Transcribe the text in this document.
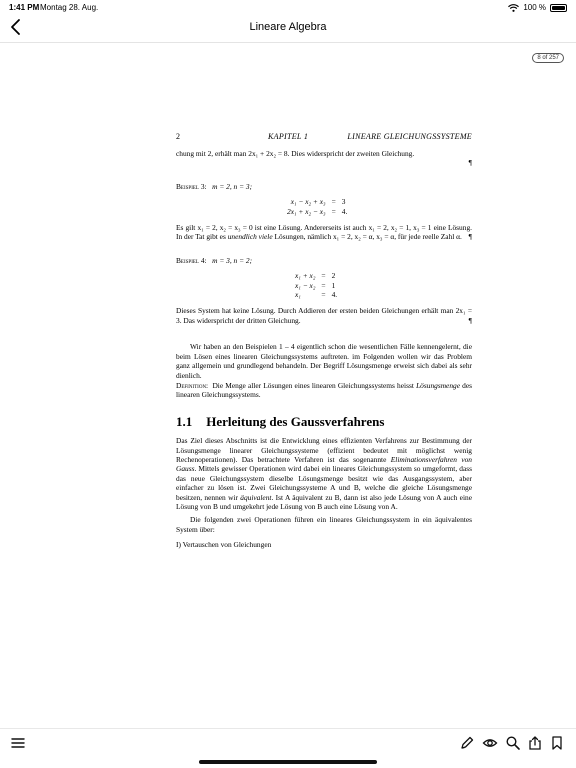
1:41 PM Montag 28. Aug.	100 %
Lineare Algebra
8 of 257
2	KAPITEL 1	LINEARE GLEICHUNGSSYSTEME

chung mit 2, erhält man 2x₁ + 2x₂ = 8. Dies widerspricht der zweiten Gleichung.

¶

Beispiel 3: m = 2, n = 3;

x₁ − x₂ + x₃	=	3
2x₁ + x₂ − x₃	=	4.

Es gilt x₁ = 2, x₂ = x₃ = 0 ist eine Lösung. Andererseits ist auch x₁ = 2, x₂ = 1, x₃ = 1 eine Lösung. In der Tat gibt es unendlich viele Lösungen, nämlich x₁ = 2, x₂ = α, x₃ = α, für jede reelle Zahl α. ¶

Beispiel 4: m = 3, n = 2;

x₁ + x₂	=	2
x₁ − x₂	=	1
x₁	=	4.

Dieses System hat keine Lösung. Durch Addieren der ersten beiden Gleichungen erhält man 2x₁ = 3. Das widerspricht der dritten Gleichung.	¶

Wir haben an den Beispielen 1 – 4 eigentlich schon die wesentlichen Fälle kennengelernt, die beim Lösen eines linearen Gleichungssystems auftreten. im Folgenden wollen wir das Problem ganz allgemein und grundlegend behandeln. Der Begriff Lösungsmenge erweist sich dabei als sehr dienlich.

Definition: Die Menge aller Lösungen eines linearen Gleichungssystems heisst Lösungsmenge des linearen Gleichungssystems.

1.1 Herleitung des Gaussverfahrens

Das Ziel dieses Abschnitts ist die Entwicklung eines effizienten Verfahrens zur Bestimmung der Lösungsmenge linearer Gleichungssysteme (effizient bedeutet mit möglichst wenig Rechenoperationen). Das betrachtete Verfahren ist das sogenannte Eliminationsverfahren von Gauss. Mittels gewisser Operationen wird dabei ein lineares Gleichungssystem so umgeformt, dass das neue Gleichungssystem dieselbe Lösungsmenge besitzt wie das Ausgangssystem, aber einfacher zu lösen ist. Zwei Gleichungssysteme A und B, welche die gleiche Lösungsmenge besitzen, nennen wir äquivalent. Ist A äquivalent zu B, dann ist also jede Lösung von A auch eine Lösung von B und umgekehrt jede Lösung von B auch eine Lösung von A.

Die folgenden zwei Operationen führen ein lineares Gleichungssystem in ein äquivalentes System über:

I) Vertauschen von Gleichungen
